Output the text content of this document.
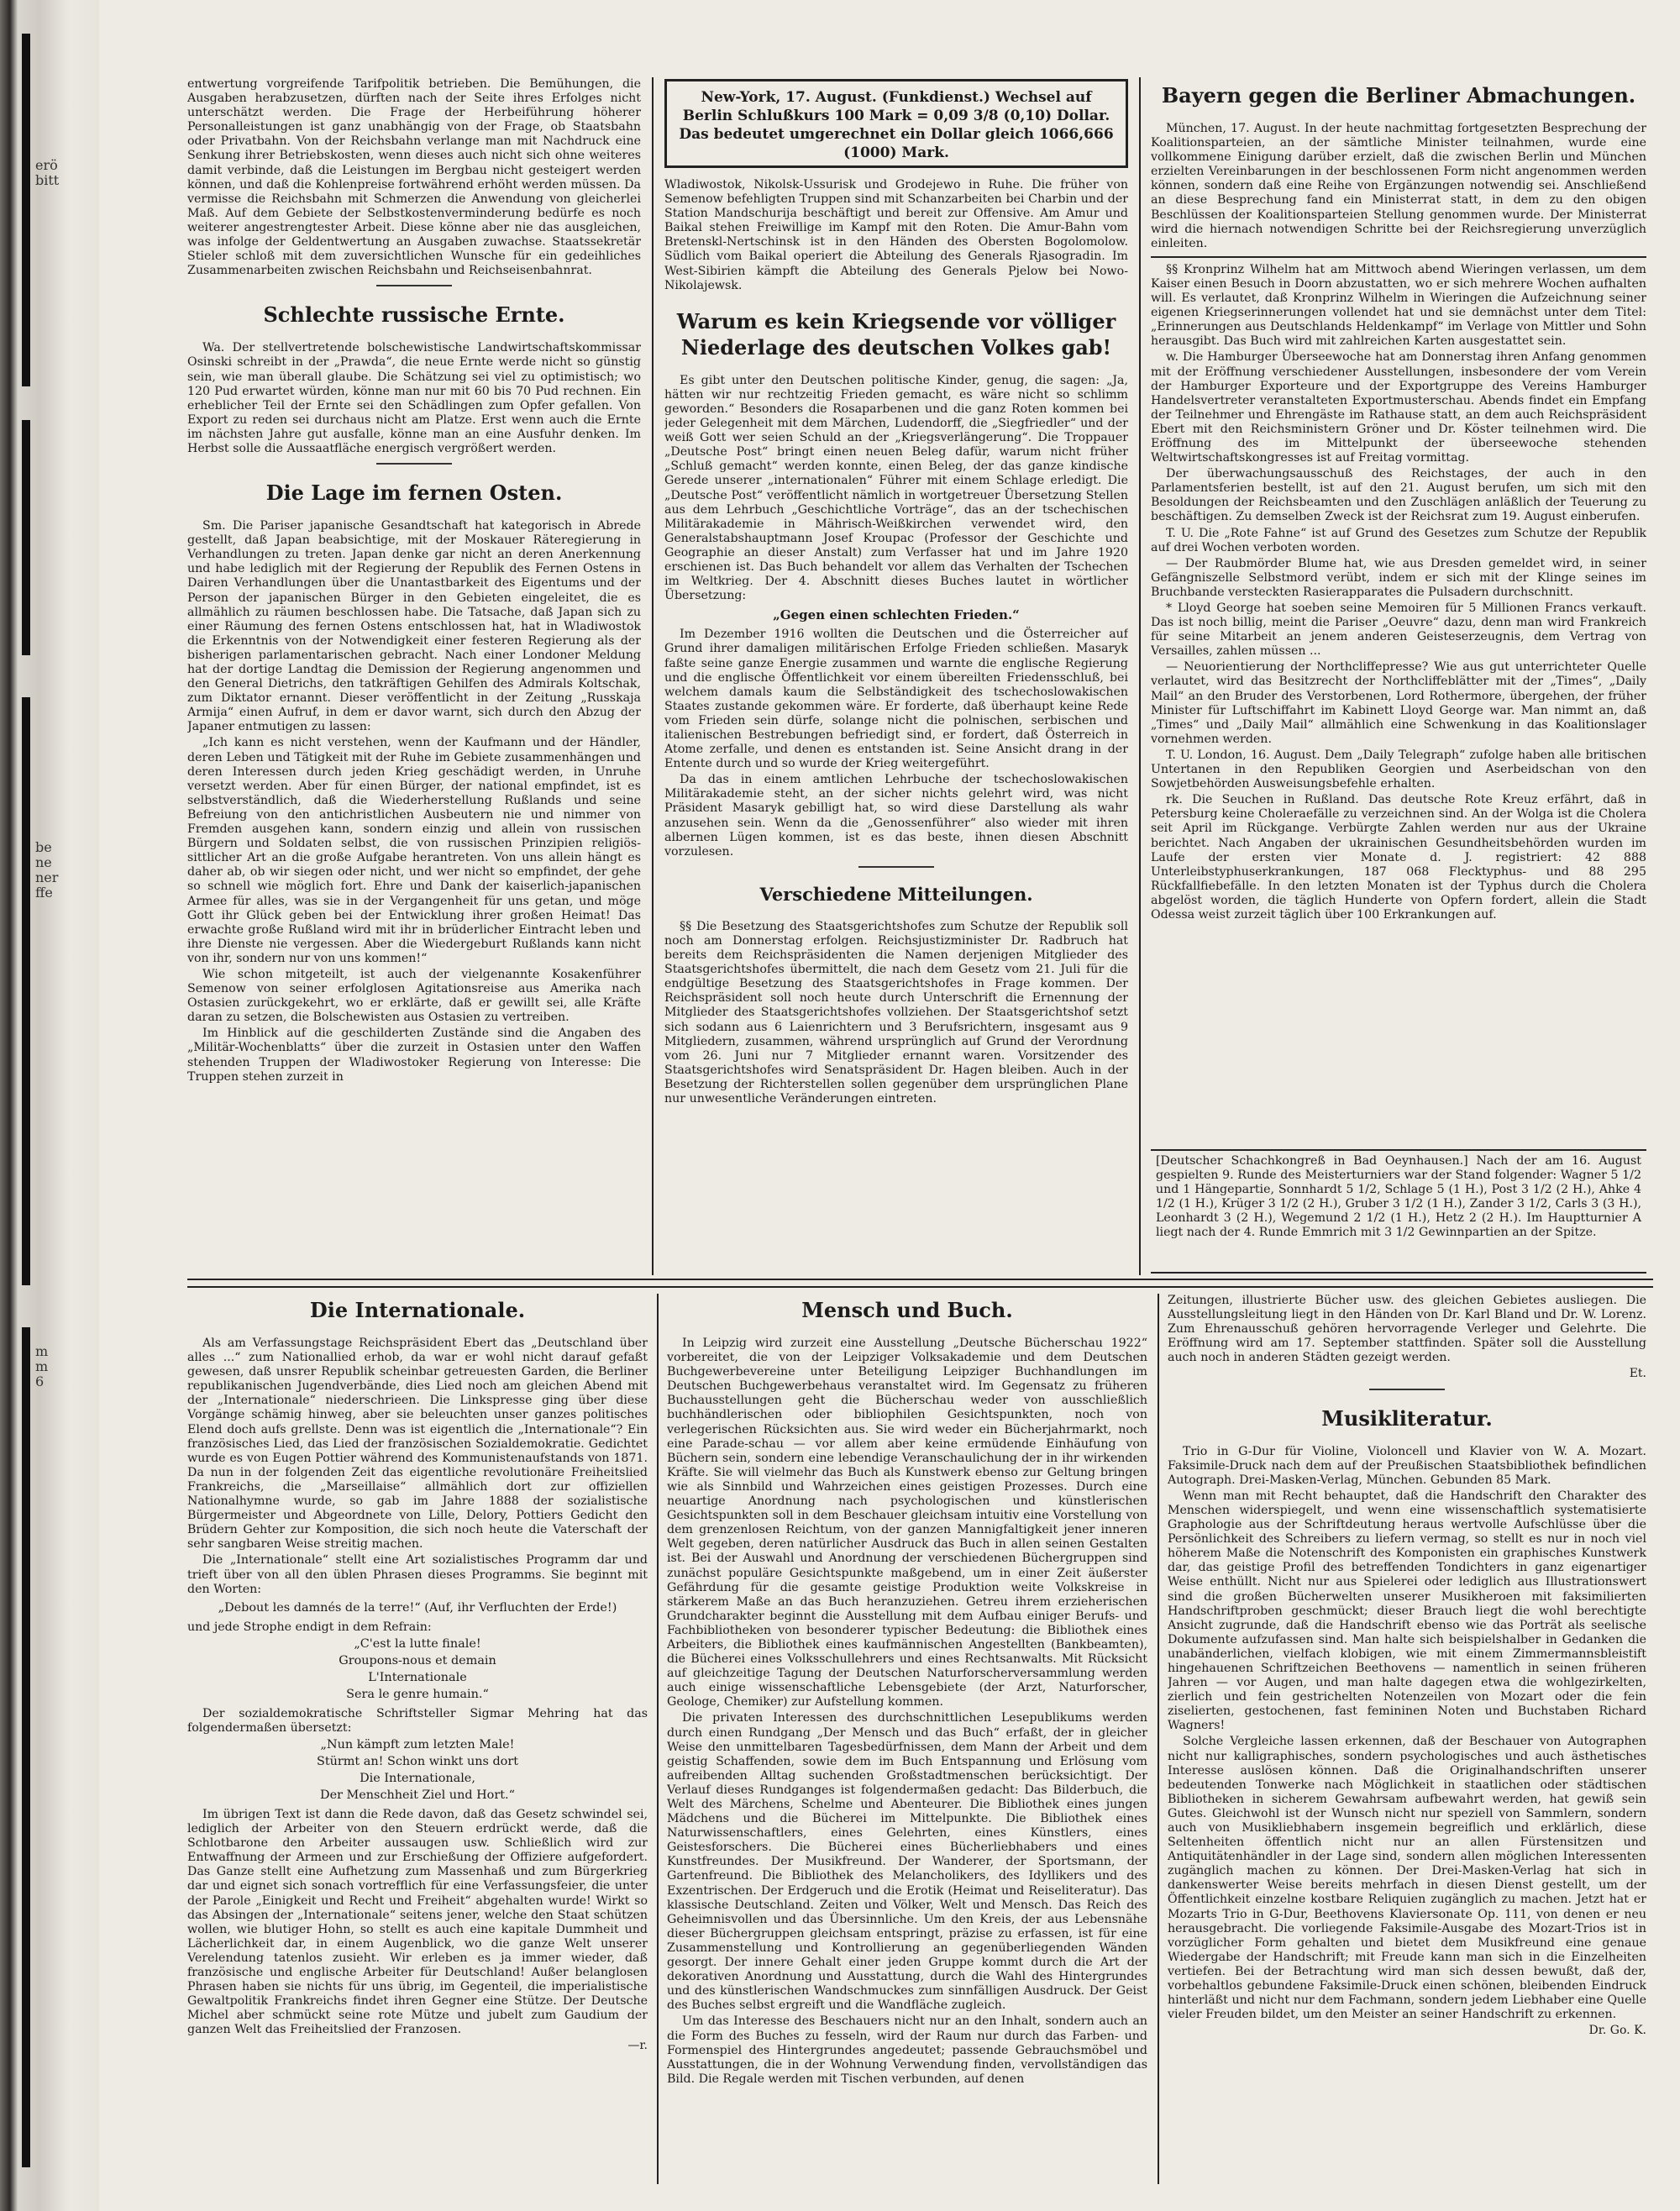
erö
bitt
be
ne
ner
ffe
m
m
6

entwertung vorgreifende Tarifpolitik betrieben. Die Bemühungen, die Ausgaben herabzusetzen, dürften nach der Seite ihres Erfolges nicht unterschätzt werden. Die Frage der Herbeiführung höherer Personalleistungen ist ganz unabhängig von der Frage, ob Staatsbahn oder Privatbahn. Von der Reichsbahn verlange man mit Nachdruck eine Senkung ihrer Betriebskosten, wenn dieses auch nicht sich ohne weiteres damit verbinde, daß die Leistungen im Bergbau nicht gesteigert werden können, und daß die Kohlenpreise fortwährend erhöht werden müssen. Da vermisse die Reichsbahn mit Schmerzen die Anwendung von gleicherlei Maß. Auf dem Gebiete der Selbstkostenverminderung bedürfe es noch weiterer angestrengtester Arbeit. Diese könne aber nie das ausgleichen, was infolge der Geldentwertung an Ausgaben zuwachse. Staatssekretär Stieler schloß mit dem zuversichtlichen Wunsche für ein gedeihliches Zusammenarbeiten zwischen Reichsbahn und Reichseisenbahnrat.

Schlechte russische Ernte.

Wa. Der stellvertretende bolschewistische Landwirtschaftskommissar Osinski schreibt in der „Prawda“, die neue Ernte werde nicht so günstig sein, wie man überall glaube. Die Schätzung sei viel zu optimistisch; wo 120 Pud erwartet würden, könne man nur mit 60 bis 70 Pud rechnen. Ein erheblicher Teil der Ernte sei den Schädlingen zum Opfer gefallen. Von Export zu reden sei durchaus nicht am Platze. Erst wenn auch die Ernte im nächsten Jahre gut ausfalle, könne man an eine Ausfuhr denken. Im Herbst solle die Aussaatfläche energisch vergrößert werden.

Die Lage im fernen Osten.

Sm. Die Pariser japanische Gesandtschaft hat kategorisch in Abrede gestellt, daß Japan beabsichtige, mit der Moskauer Räteregierung in Verhandlungen zu treten. Japan denke gar nicht an deren Anerkennung und habe lediglich mit der Regierung der Republik des Fernen Ostens in Dairen Verhandlungen über die Unantastbarkeit des Eigentums und der Person der japanischen Bürger in den Gebieten eingeleitet, die es allmählich zu räumen beschlossen habe. Die Tatsache, daß Japan sich zu einer Räumung des fernen Ostens entschlossen hat, hat in Wladiwostok die Erkenntnis von der Notwendigkeit einer festeren Regierung als der bisherigen parlamentarischen gebracht. Nach einer Londoner Meldung hat der dortige Landtag die Demission der Regierung angenommen und den General Dietrichs, den tatkräftigen Gehilfen des Admirals Koltschak, zum Diktator ernannt. Dieser veröffentlicht in der Zeitung „Russkaja Armija“ einen Aufruf, in dem er davor warnt, sich durch den Abzug der Japaner entmutigen zu lassen:

„Ich kann es nicht verstehen, wenn der Kaufmann und der Händler, deren Leben und Tätigkeit mit der Ruhe im Gebiete zusammenhängen und deren Interessen durch jeden Krieg geschädigt werden, in Unruhe versetzt werden. Aber für einen Bürger, der national empfindet, ist es selbstverständlich, daß die Wiederherstellung Rußlands und seine Befreiung von den antichristlichen Ausbeutern nie und nimmer von Fremden ausgehen kann, sondern einzig und allein von russischen Bürgern und Soldaten selbst, die von russischen Prinzipien religiös-sittlicher Art an die große Aufgabe herantreten. Von uns allein hängt es daher ab, ob wir siegen oder nicht, und wer nicht so empfindet, der gehe so schnell wie möglich fort. Ehre und Dank der kaiserlich-japanischen Armee für alles, was sie in der Vergangenheit für uns getan, und möge Gott ihr Glück geben bei der Entwicklung ihrer großen Heimat! Das erwachte große Rußland wird mit ihr in brüderlicher Eintracht leben und ihre Dienste nie vergessen. Aber die Wiedergeburt Rußlands kann nicht von ihr, sondern nur von uns kommen!“

Wie schon mitgeteilt, ist auch der vielgenannte Kosakenführer Semenow von seiner erfolglosen Agitationsreise aus Amerika nach Ostasien zurückgekehrt, wo er erklärte, daß er gewillt sei, alle Kräfte daran zu setzen, die Bolschewisten aus Ostasien zu vertreiben.

Im Hinblick auf die geschilderten Zustände sind die Angaben des „Militär-Wochenblatts“ über die zurzeit in Ostasien unter den Waffen stehenden Truppen der Wladiwostoker Regierung von Interesse: Die Truppen stehen zurzeit in

New-York, 17. August. (Funkdienst.) Wechsel auf Berlin Schlußkurs 100 Mark = 0,09 3/8 (0,10) Dollar. Das bedeutet umgerechnet ein Dollar gleich 1066,666 (1000) Mark.

Wladiwostok, Nikolsk-Ussurisk und Grodejewo in Ruhe. Die früher von Semenow befehligten Truppen sind mit Schanzarbeiten bei Charbin und der Station Mandschurija beschäftigt und bereit zur Offensive. Am Amur und Baikal stehen Freiwillige im Kampf mit den Roten. Die Amur-Bahn vom Bretenskl-Nertschinsk ist in den Händen des Obersten Bogolomolow. Südlich vom Baikal operiert die Abteilung des Generals Rjasogradin. Im West-Sibirien kämpft die Abteilung des Generals Pjelow bei Nowo-Nikolajewsk.

Warum es kein Kriegsende vor völliger Niederlage des deutschen Volkes gab!

Es gibt unter den Deutschen politische Kinder, genug, die sagen: „Ja, hätten wir nur rechtzeitig Frieden gemacht, es wäre nicht so schlimm geworden.“ Besonders die Rosaparbenen und die ganz Roten kommen bei jeder Gelegenheit mit dem Märchen, Ludendorff, die „Siegfriedler“ und der weiß Gott wer seien Schuld an der „Kriegsverlängerung“. Die Troppauer „Deutsche Post“ bringt einen neuen Beleg dafür, warum nicht früher „Schluß gemacht“ werden konnte, einen Beleg, der das ganze kindische Gerede unserer „internationalen“ Führer mit einem Schlage erledigt. Die „Deutsche Post“ veröffentlicht nämlich in wortgetreuer Übersetzung Stellen aus dem Lehrbuch „Geschichtliche Vorträge“, das an der tschechischen Militärakademie in Mährisch-Weißkirchen verwendet wird, den Generalstabshauptmann Josef Kroupac (Professor der Geschichte und Geographie an dieser Anstalt) zum Verfasser hat und im Jahre 1920 erschienen ist. Das Buch behandelt vor allem das Verhalten der Tschechen im Weltkrieg. Der 4. Abschnitt dieses Buches lautet in wörtlicher Übersetzung:

„Gegen einen schlechten Frieden.“

Im Dezember 1916 wollten die Deutschen und die Österreicher auf Grund ihrer damaligen militärischen Erfolge Frieden schließen. Masaryk faßte seine ganze Energie zusammen und warnte die englische Regierung und die englische Öffentlichkeit vor einem übereilten Friedensschluß, bei welchem damals kaum die Selbständigkeit des tschechoslowakischen Staates zustande gekommen wäre. Er forderte, daß überhaupt keine Rede vom Frieden sein dürfe, solange nicht die polnischen, serbischen und italienischen Bestrebungen befriedigt sind, er fordert, daß Österreich in Atome zerfalle, und denen es entstanden ist. Seine Ansicht drang in der Entente durch und so wurde der Krieg weitergeführt.

Da das in einem amtlichen Lehrbuche der tschechoslowakischen Militärakademie steht, an der sicher nichts gelehrt wird, was nicht Präsident Masaryk gebilligt hat, so wird diese Darstellung als wahr anzusehen sein. Wenn da die „Genossenführer“ also wieder mit ihren albernen Lügen kommen, ist es das beste, ihnen diesen Abschnitt vorzulesen.

Verschiedene Mitteilungen.

§§ Die Besetzung des Staatsgerichtshofes zum Schutze der Republik soll noch am Donnerstag erfolgen. Reichsjustizminister Dr. Radbruch hat bereits dem Reichspräsidenten die Namen derjenigen Mitglieder des Staatsgerichtshofes übermittelt, die nach dem Gesetz vom 21. Juli für die endgültige Besetzung des Staatsgerichtshofes in Frage kommen. Der Reichspräsident soll noch heute durch Unterschrift die Ernennung der Mitglieder des Staatsgerichtshofes vollziehen. Der Staatsgerichtshof setzt sich sodann aus 6 Laienrichtern und 3 Berufsrichtern, insgesamt aus 9 Mitgliedern, zusammen, während ursprünglich auf Grund der Verordnung vom 26. Juni nur 7 Mitglieder ernannt waren. Vorsitzender des Staatsgerichtshofes wird Senatspräsident Dr. Hagen bleiben. Auch in der Besetzung der Richterstellen sollen gegenüber dem ursprünglichen Plane nur unwesentliche Veränderungen eintreten.

Bayern gegen die Berliner Abmachungen.

München, 17. August. In der heute nachmittag fortgesetzten Besprechung der Koalitionsparteien, an der sämtliche Minister teilnahmen, wurde eine vollkommene Einigung darüber erzielt, daß die zwischen Berlin und München erzielten Vereinbarungen in der beschlossenen Form nicht angenommen werden können, sondern daß eine Reihe von Ergänzungen notwendig sei. Anschließend an diese Besprechung fand ein Ministerrat statt, in dem zu den obigen Beschlüssen der Koalitionsparteien Stellung genommen wurde. Der Ministerrat wird die hiernach notwendigen Schritte bei der Reichsregierung unverzüglich einleiten.

§§ Kronprinz Wilhelm hat am Mittwoch abend Wieringen verlassen, um dem Kaiser einen Besuch in Doorn abzustatten, wo er sich mehrere Wochen aufhalten will. Es verlautet, daß Kronprinz Wilhelm in Wieringen die Aufzeichnung seiner eigenen Kriegserinnerungen vollendet hat und sie demnächst unter dem Titel: „Erinnerungen aus Deutschlands Heldenkampf“ im Verlage von Mittler und Sohn herausgibt. Das Buch wird mit zahlreichen Karten ausgestattet sein.

w. Die Hamburger Überseewoche hat am Donnerstag ihren Anfang genommen mit der Eröffnung verschiedener Ausstellungen, insbesondere der vom Verein der Hamburger Exporteure und der Exportgruppe des Vereins Hamburger Handelsvertreter veranstalteten Exportmusterschau. Abends findet ein Empfang der Teilnehmer und Ehrengäste im Rathause statt, an dem auch Reichspräsident Ebert mit den Reichsministern Gröner und Dr. Köster teilnehmen wird. Die Eröffnung des im Mittelpunkt der überseewoche stehenden Weltwirtschaftskongresses ist auf Freitag vormittag.

Der überwachungsausschuß des Reichstages, der auch in den Parlamentsferien bestellt, ist auf den 21. August berufen, um sich mit den Besoldungen der Reichsbeamten und den Zuschlägen anläßlich der Teuerung zu beschäftigen. Zu demselben Zweck ist der Reichsrat zum 19. August einberufen.

T. U. Die „Rote Fahne“ ist auf Grund des Gesetzes zum Schutze der Republik auf drei Wochen verboten worden.

— Der Raubmörder Blume hat, wie aus Dresden gemeldet wird, in seiner Gefängniszelle Selbstmord verübt, indem er sich mit der Klinge seines im Bruchbande versteckten Rasierapparates die Pulsadern durchschnitt.

* Lloyd George hat soeben seine Memoiren für 5 Millionen Francs verkauft. Das ist noch billig, meint die Pariser „Oeuvre“ dazu, denn man wird Frankreich für seine Mitarbeit an jenem anderen Geisteserzeugnis, dem Vertrag von Versailles, zahlen müssen ...

— Neuorientierung der Northcliffepresse? Wie aus gut unterrichteter Quelle verlautet, wird das Besitzrecht der Northcliffeblätter mit der „Times“, „Daily Mail“ an den Bruder des Verstorbenen, Lord Rothermore, übergehen, der früher Minister für Luftschiffahrt im Kabinett Lloyd George war. Man nimmt an, daß „Times“ und „Daily Mail“ allmählich eine Schwenkung in das Koalitionslager vornehmen werden.

T. U. London, 16. August. Dem „Daily Telegraph“ zufolge haben alle britischen Untertanen in den Republiken Georgien und Aserbeidschan von den Sowjetbehörden Ausweisungsbefehle erhalten.

rk. Die Seuchen in Rußland. Das deutsche Rote Kreuz erfährt, daß in Petersburg keine Choleraefälle zu verzeichnen sind. An der Wolga ist die Cholera seit April im Rückgange. Verbürgte Zahlen werden nur aus der Ukraine berichtet. Nach Angaben der ukrainischen Gesundheitsbehörden wurden im Laufe der ersten vier Monate d. J. registriert: 42 888 Unterleibstyphuserkrankungen, 187 068 Flecktyphus- und 88 295 Rückfallfiebefälle. In den letzten Monaten ist der Typhus durch die Cholera abgelöst worden, die täglich Hunderte von Opfern fordert, allein die Stadt Odessa weist zurzeit täglich über 100 Erkrankungen auf.

[Deutscher Schachkongreß in Bad Oeynhausen.] Nach der am 16. August gespielten 9. Runde des Meisterturniers war der Stand folgender: Wagner 5 1/2 und 1 Hängepartie, Sonnhardt 5 1/2, Schlage 5 (1 H.), Post 3 1/2 (2 H.), Ahke 4 1/2 (1 H.), Krüger 3 1/2 (2 H.), Gruber 3 1/2 (1 H.), Zander 3 1/2, Carls 3 (3 H.), Leonhardt 3 (2 H.), Wegemund 2 1/2 (1 H.), Hetz 2 (2 H.). Im Hauptturnier A liegt nach der 4. Runde Emmrich mit 3 1/2 Gewinnpartien an der Spitze.
Die Internationale.

Als am Verfassungstage Reichspräsident Ebert das „Deutschland über alles ...“ zum Nationallied erhob, da war er wohl nicht darauf gefaßt gewesen, daß unsrer Republik scheinbar getreuesten Garden, die Berliner republikanischen Jugendverbände, dies Lied noch am gleichen Abend mit der „Internationale“ niederschrieen. Die Linkspresse ging über diese Vorgänge schämig hinweg, aber sie beleuchten unser ganzes politisches Elend doch aufs grellste. Denn was ist eigentlich die „Internationale“? Ein französisches Lied, das Lied der französischen Sozialdemokratie. Gedichtet wurde es von Eugen Pottier während des Kommunistenaufstands von 1871. Da nun in der folgenden Zeit das eigentliche revolutionäre Freiheitslied Frankreichs, die „Marseillaise“ allmählich dort zur offiziellen Nationalhymne wurde, so gab im Jahre 1888 der sozialistische Bürgermeister und Abgeordnete von Lille, Delory, Pottiers Gedicht den Brüdern Gehter zur Komposition, die sich noch heute die Vaterschaft der sehr sangbaren Weise streitig machen.

Die „Internationale“ stellt eine Art sozialistisches Programm dar und trieft über von all den üblen Phrasen dieses Programms. Sie beginnt mit den Worten:

„Debout les damnés de la terre!“ (Auf, ihr Verfluchten der Erde!)

und jede Strophe endigt in dem Refrain:

„C'est la lutte finale!
Groupons-nous et demain
L'Internationale
Sera le genre humain.“

Der sozialdemokratische Schriftsteller Sigmar Mehring hat das folgendermaßen übersetzt:

„Nun kämpft zum letzten Male!
Stürmt an! Schon winkt uns dort
Die Internationale,
Der Menschheit Ziel und Hort.“

Im übrigen Text ist dann die Rede davon, daß das Gesetz schwindel sei, lediglich der Arbeiter von den Steuern erdrückt werde, daß die Schlotbarone den Arbeiter aussaugen usw. Schließlich wird zur Entwaffnung der Armeen und zur Erschießung der Offiziere aufgefordert. Das Ganze stellt eine Aufhetzung zum Massenhaß und zum Bürgerkrieg dar und eignet sich sonach vortrefflich für eine Verfassungsfeier, die unter der Parole „Einigkeit und Recht und Freiheit“ abgehalten wurde! Wirkt so das Absingen der „Internationale“ seitens jener, welche den Staat schützen wollen, wie blutiger Hohn, so stellt es auch eine kapitale Dummheit und Lächerlichkeit dar, in einem Augenblick, wo die ganze Welt unserer Verelendung tatenlos zusieht. Wir erleben es ja immer wieder, daß französische und englische Arbeiter für Deutschland! Außer belanglosen Phrasen haben sie nichts für uns übrig, im Gegenteil, die imperialistische Gewaltpolitik Frankreichs findet ihren Gegner eine Stütze. Der Deutsche Michel aber schmückt seine rote Mütze und jubelt zum Gaudium der ganzen Welt das Freiheitslied der Franzosen.

—r.
Mensch und Buch.

In Leipzig wird zurzeit eine Ausstellung „Deutsche Bücherschau 1922“ vorbereitet, die von der Leipziger Volksakademie und dem Deutschen Buchgewerbevereine unter Beteiligung Leipziger Buchhandlungen im Deutschen Buchgewerbehaus veranstaltet wird. Im Gegensatz zu früheren Buchausstellungen geht die Bücherschau weder von ausschließlich buchhändlerischen oder bibliophilen Gesichtspunkten, noch von verlegerischen Rücksichten aus. Sie wird weder ein Bücherjahrmarkt, noch eine Parade-schau — vor allem aber keine ermüdende Einhäufung von Büchern sein, sondern eine lebendige Veranschaulichung der in ihr wirkenden Kräfte. Sie will vielmehr das Buch als Kunstwerk ebenso zur Geltung bringen wie als Sinnbild und Wahrzeichen eines geistigen Prozesses. Durch eine neuartige Anordnung nach psychologischen und künstlerischen Gesichtspunkten soll in dem Beschauer gleichsam intuitiv eine Vorstellung von dem grenzenlosen Reichtum, von der ganzen Mannigfaltigkeit jener inneren Welt gegeben, deren natürlicher Ausdruck das Buch in allen seinen Gestalten ist. Bei der Auswahl und Anordnung der verschiedenen Büchergruppen sind zunächst populäre Gesichtspunkte maßgebend, um in einer Zeit äußerster Gefährdung für die gesamte geistige Produktion weite Volkskreise in stärkerem Maße an das Buch heranzuziehen. Getreu ihrem erzieherischen Grundcharakter beginnt die Ausstellung mit dem Aufbau einiger Berufs- und Fachbibliotheken von besonderer typischer Bedeutung: die Bibliothek eines Arbeiters, die Bibliothek eines kaufmännischen Angestellten (Bankbeamten), die Bücherei eines Volksschullehrers und eines Rechtsanwalts. Mit Rücksicht auf gleichzeitige Tagung der Deutschen Naturforscherversammlung werden auch einige wissenschaftliche Lebensgebiete (der Arzt, Naturforscher, Geologe, Chemiker) zur Aufstellung kommen.

Die privaten Interessen des durchschnittlichen Lesepublikums werden durch einen Rundgang „Der Mensch und das Buch“ erfaßt, der in gleicher Weise den unmittelbaren Tagesbedürfnissen, dem Mann der Arbeit und dem geistig Schaffenden, sowie dem im Buch Entspannung und Erlösung vom aufreibenden Alltag suchenden Großstadtmenschen berücksichtigt. Der Verlauf dieses Rundganges ist folgendermaßen gedacht: Das Bilderbuch, die Welt des Märchens, Schelme und Abenteurer. Die Bibliothek eines jungen Mädchens und die Bücherei im Mittelpunkte. Die Bibliothek eines Naturwissenschaftlers, eines Gelehrten, eines Künstlers, eines Geistesforschers. Die Bücherei eines Bücherliebhabers und eines Kunstfreundes. Der Musikfreund. Der Wanderer, der Sportsmann, der Gartenfreund. Die Bibliothek des Melancholikers, des Idyllikers und des Exzentrischen. Der Erdgeruch und die Erotik (Heimat und Reiseliteratur). Das klassische Deutschland. Zeiten und Völker, Welt und Mensch. Das Reich des Geheimnisvollen und das Übersinnliche. Um den Kreis, der aus Lebensnähe dieser Büchergruppen gleichsam entspringt, präzise zu erfassen, ist für eine Zusammenstellung und Kontrollierung an gegenüberliegenden Wänden gesorgt. Der innere Gehalt einer jeden Gruppe kommt durch die Art der dekorativen Anordnung und Ausstattung, durch die Wahl des Hintergrundes und des künstlerischen Wandschmuckes zum sinnfälligen Ausdruck. Der Geist des Buches selbst ergreift und die Wandfläche zugleich.

Um das Interesse des Beschauers nicht nur an den Inhalt, sondern auch an die Form des Buches zu fesseln, wird der Raum nur durch das Farben- und Formenspiel des Hintergrundes angedeutet; passende Gebrauchsmöbel und Ausstattungen, die in der Wohnung Verwendung finden, vervollständigen das Bild. Die Regale werden mit Tischen verbunden, auf denen

Zeitungen, illustrierte Bücher usw. des gleichen Gebietes ausliegen. Die Ausstellungsleitung liegt in den Händen von Dr. Karl Bland und Dr. W. Lorenz. Zum Ehrenausschuß gehören hervorragende Verleger und Gelehrte. Die Eröffnung wird am 17. September stattfinden. Später soll die Ausstellung auch noch in anderen Städten gezeigt werden.

Et.
Musikliteratur.

Trio in G-Dur für Violine, Violoncell und Klavier von W. A. Mozart. Faksimile-Druck nach dem auf der Preußischen Staatsbibliothek befindlichen Autograph. Drei-Masken-Verlag, München. Gebunden 85 Mark.

Wenn man mit Recht behauptet, daß die Handschrift den Charakter des Menschen widerspiegelt, und wenn eine wissenschaftlich systematisierte Graphologie aus der Schriftdeutung heraus wertvolle Aufschlüsse über die Persönlichkeit des Schreibers zu liefern vermag, so stellt es nur in noch viel höherem Maße die Notenschrift des Komponisten ein graphisches Kunstwerk dar, das geistige Profil des betreffenden Tondichters in ganz eigenartiger Weise enthüllt. Nicht nur aus Spielerei oder lediglich aus Illustrationswert sind die großen Bücherwelten unserer Musikheroen mit faksimilierten Handschriftproben geschmückt; dieser Brauch liegt die wohl berechtigte Ansicht zugrunde, daß die Handschrift ebenso wie das Porträt als seelische Dokumente aufzufassen sind. Man halte sich beispielshalber in Gedanken die unabänderlichen, vielfach klobigen, wie mit einem Zimmermannsbleistift hingehauenen Schriftzeichen Beethovens — namentlich in seinen früheren Jahren — vor Augen, und man halte dagegen etwa die wohlgezirkelten, zierlich und fein gestrichelten Notenzeilen von Mozart oder die fein ziselierten, gestochenen, fast femininen Noten und Buchstaben Richard Wagners!

Solche Vergleiche lassen erkennen, daß der Beschauer von Autographen nicht nur kalligraphisches, sondern psychologisches und auch ästhetisches Interesse auslösen können. Daß die Originalhandschriften unserer bedeutenden Tonwerke nach Möglichkeit in staatlichen oder städtischen Bibliotheken in sicherem Gewahrsam aufbewahrt werden, hat gewiß sein Gutes. Gleichwohl ist der Wunsch nicht nur speziell von Sammlern, sondern auch von Musikliebhabern insgemein begreiflich und erklärlich, diese Seltenheiten öffentlich nicht nur an allen Fürstensitzen und Antiquitätenhändler in der Lage sind, sondern allen möglichen Interessenten zugänglich machen zu können. Der Drei-Masken-Verlag hat sich in dankenswerter Weise bereits mehrfach in diesen Dienst gestellt, um der Öffentlichkeit einzelne kostbare Reliquien zugänglich zu machen. Jetzt hat er Mozarts Trio in G-Dur, Beethovens Klaviersonate Op. 111, von denen er neu herausgebracht. Die vorliegende Faksimile-Ausgabe des Mozart-Trios ist in vorzüglicher Form gehalten und bietet dem Musikfreund eine genaue Wiedergabe der Handschrift; mit Freude kann man sich in die Einzelheiten vertiefen. Bei der Betrachtung wird man sich dessen bewußt, daß der, vorbehaltlos gebundene Faksimile-Druck einen schönen, bleibenden Eindruck hinterläßt und nicht nur dem Fachmann, sondern jedem Liebhaber eine Quelle vieler Freuden bildet, um den Meister an seiner Handschrift zu erkennen.

Dr. Go. K.
